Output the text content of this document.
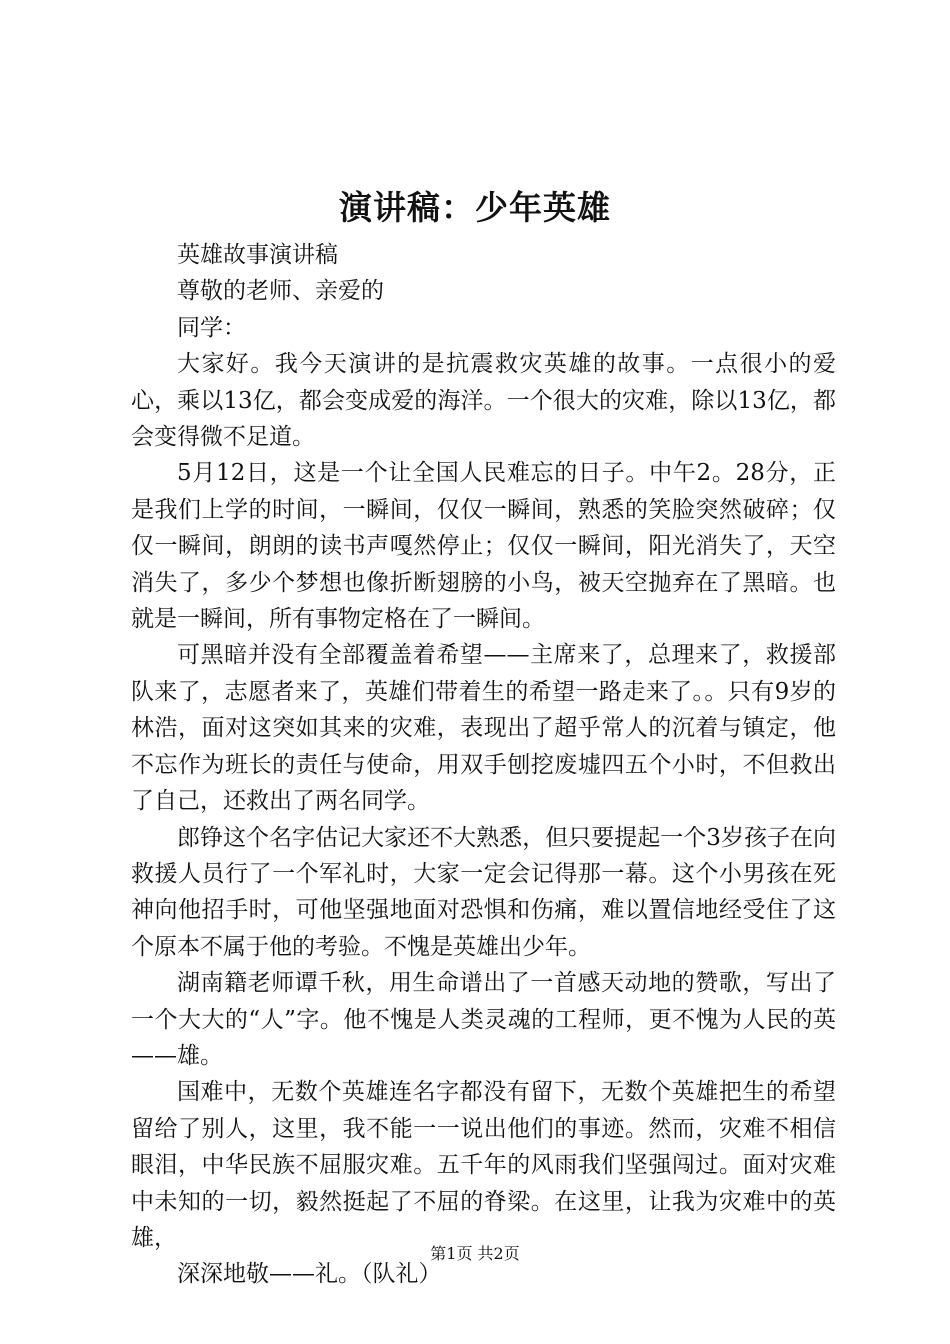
演讲稿：少年英雄

英雄故事演讲稿

尊敬的老师、亲爱的

同学：

大家好。我今天演讲的是抗震救灾英雄的故事。一点很小的爱心，乘以13亿，都会变成爱的海洋。一个很大的灾难，除以13亿，都会变得微不足道。

5月12日，这是一个让全国人民难忘的日子。中午2。28分，正是我们上学的时间，一瞬间，仅仅一瞬间，熟悉的笑脸突然破碎；仅仅一瞬间，朗朗的读书声嘎然停止；仅仅一瞬间，阳光消失了，天空消失了，多少个梦想也像折断翅膀的小鸟，被天空抛弃在了黑暗。也就是一瞬间，所有事物定格在了一瞬间。

可黑暗并没有全部覆盖着希望——主席来了，总理来了，救援部队来了，志愿者来了，英雄们带着生的希望一路走来了。。只有9岁的林浩，面对这突如其来的灾难，表现出了超乎常人的沉着与镇定，他不忘作为班长的责任与使命，用双手刨挖废墟四五个小时，不但救出了自己，还救出了两名同学。

郎铮这个名字估记大家还不大熟悉，但只要提起一个3岁孩子在向救援人员行了一个军礼时，大家一定会记得那一幕。这个小男孩在死神向他招手时，可他坚强地面对恐惧和伤痛，难以置信地经受住了这个原本不属于他的考验。不愧是英雄出少年。

湖南籍老师谭千秋，用生命谱出了一首感天动地的赞歌，写出了一个大大的“人”字。他不愧是人类灵魂的工程师，更不愧为人民的英——雄。

国难中，无数个英雄连名字都没有留下，无数个英雄把生的希望留给了别人，这里，我不能一一说出他们的事迹。然而，灾难不相信眼泪，中华民族不屈服灾难。五千年的风雨我们坚强闯过。面对灾难中未知的一切，毅然挺起了不屈的脊梁。在这里，让我为灾难中的英雄，

深深地敬——礼。（队礼）

第1页 共2页
